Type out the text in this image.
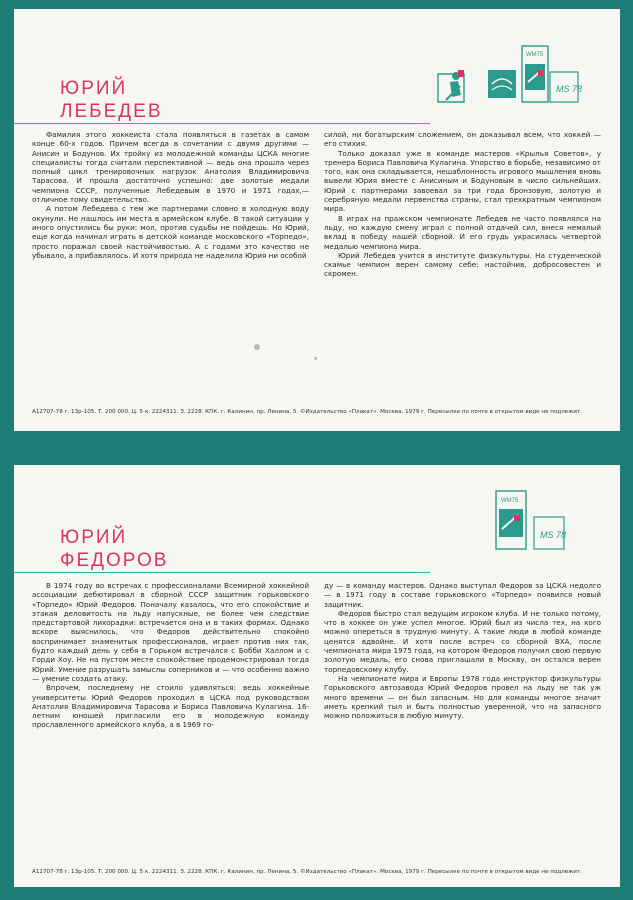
ЮРИЙ
ЛЕБЕДЕВ
WM75
MS 78

Фамилия этого хоккеиста стала появляться в газетах в самом конце 60-х годов. Причем всегда в сочетании с двумя другими — Анисин и Бодунов. Их тройку из молодежной команды ЦСКА многие специалисты тогда считали перспективной — ведь она прошла через полный цикл тренировочных нагрузок Анатолия Владимировича Тарасова. И прошла достаточно успешно: две золотые медали чемпиона СССР, полученные Лебедевым в 1970 и 1971 годах,— отличное тому свидетельство.

А потом Лебедева с тем же партнерами словно в холодную воду окунули. Не нашлось им места в армейском клубе. В такой ситуации у иного опустились бы руки: мол, против судьбы не пойдешь. Но Юрий, еще когда начинал играть в детской команде московского «Торпедо», просто поражал своей настойчивостью. А с годами это качество не убывало, а прибавлялось. И хотя природа не наделила Юрия ни особой

силой, ни богатырским сложением, он доказывал всем, что хоккей — его стихия.

Только доказал уже в команде мастеров «Крылья Советов», у тренера Бориса Павловича Кулагина. Упорство в борьбе, независимо от того, как она складывается, нешаблонность игрового мышления вновь вывели Юрия вместе с Анисиным и Бодуновым в число сильнейших. Юрий с партнерами завоевал за три года бронзовую, золотую и серебряную медали первенства страны, стал трехкратным чемпионом мира.

В играх на пражском чемпионате Лебедев не часто появлялся на льду, но каждую смену играл с полной отдачей сил, внеся немалый вклад в победу нашей сборной. И его грудь украсилась четвертой медалью чемпиона мира.

Юрий Лебедев учится в институте физкультуры. На студенческой скамье чемпион верен самому себе: настойчив, добросовестен и скромен.

А12707-78 г. 13р-105. Т. 200 000. Ц. 5 к. 2224311. З. 2228. КПК. г. Калинин, пр. Ленина, 5. ©Издательство «Плакат». Москва, 1979 г. Пересылке по почте в открытом виде не подлежит.
ЮРИЙ
ФЕДОРОВ
WM75
MS 78

В 1974 году во встречах с профессионалами Всемирной хоккейной ассоциации дебютировал в сборной СССР защитник горьковского «Торпедо» Юрий Федоров. Поначалу казалось, что его спокойствие и этакая деловитость на льду напускные, не более чем следствие предстартовой лихорадки: встречается она и в таких формах. Однако вскоре выяснилось, что Федоров действительно спокойно воспринимает знаменитых профессионалов, играет против них так, будто каждый день у себя в Горьком встречался с Бобби Халлом и с Горди Хоу. Не на пустом месте спокойствие продемонстрировал тогда Юрий. Умение разрушать замыслы соперников и — что особенно важно — умение создать атаку.

Впрочем, последнему не стоило удивляться: ведь хоккейные университеты Юрий Федоров проходил в ЦСКА под руководством Анатолия Владимировича Тарасова и Бориса Павловича Кулагина. 16-летним юношей пригласили его в молодежную команду прославленного армейского клуба, а в 1969 го-

ду — в команду мастеров. Однако выступал Федоров за ЦСКА недолго — в 1971 году в составе горьковского «Торпедо» появился новый защитник.

Федоров быстро стал ведущим игроком клуба. И не только потому, что в хоккее он уже успел многое. Юрий был из числа тех, на кого можно опереться в трудную минуту. А такие люди в любой команде ценятся вдвойне. И хотя после встреч со сборной ВХА, после чемпионата мира 1975 года, на котором Федоров получил свою первую золотую медаль, его снова приглашали в Москву, он остался верен торпедовскому клубу.

На чемпионате мира и Европы 1978 года инструктор физкультуры Горьковского автозавода Юрий Федоров провел на льду не так уж много времени — он был запасным. Но для команды многое значит иметь крепкий тыл и быть полностью уверенной, что на запасного можно положиться в любую минуту.

А12707-78 г. 13р-105. Т. 200 000. Ц. 5 к. 2224311. З. 2228. КПК. г. Калинин, пр. Ленина, 5. ©Издательство «Плакат». Москва, 1979 г. Пересылке по почте в открытом виде не подлежит.
